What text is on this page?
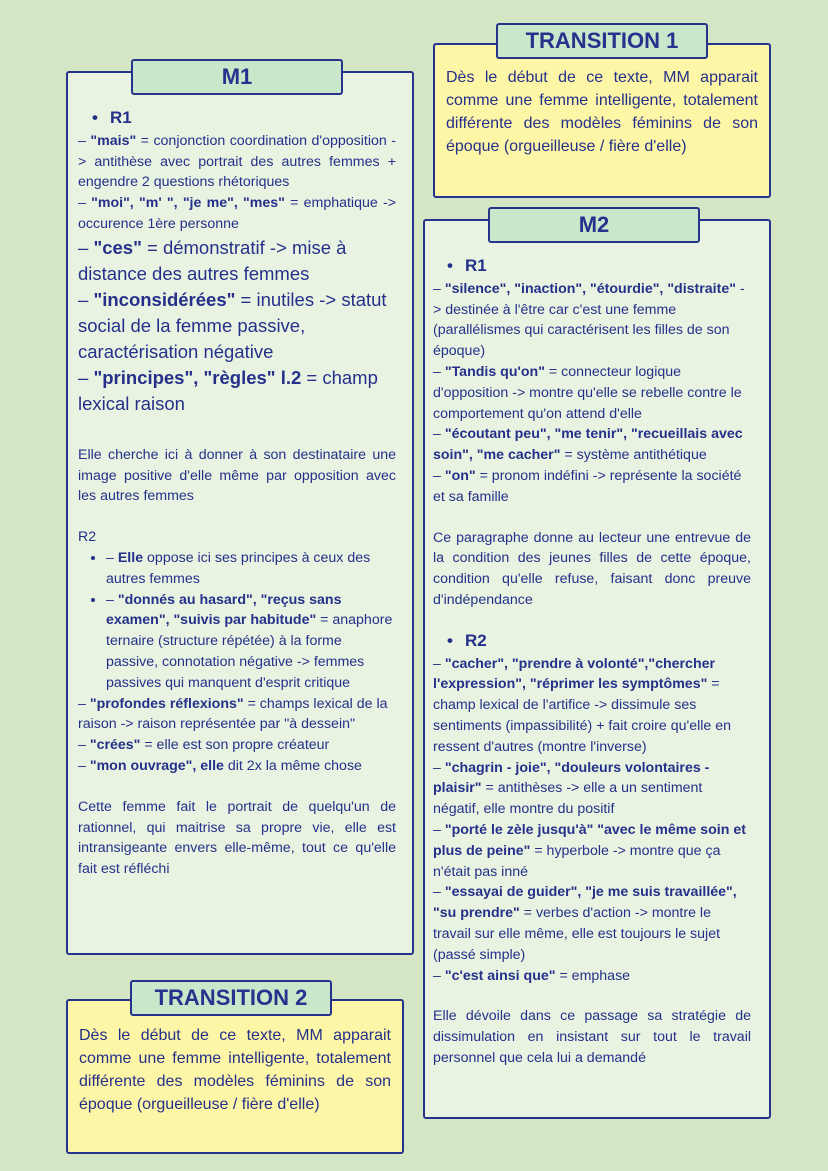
M1
• R1

– "mais" = conjonction coordination d'opposition -> antithèse avec portrait des autres femmes + engendre 2 questions rhétoriques

– "moi", "m' ", "je me", "mes" = emphatique -> occurence 1ère personne

– "ces" = démonstratif -> mise à distance des autres femmes

– "inconsidérées" = inutiles -> statut social de la femme passive, caractérisation négative

– "principes", "règles" l.2 = champ lexical raison

Elle cherche ici à donner à son destinataire une image positive d'elle même par opposition avec les autres femmes

R2

• – Elle oppose ici ses principes à ceux des autres femmes
• – "donnés au hasard", "reçus sans examen", "suivis par habitude" = anaphore ternaire (structure répétée) à la forme passive, connotation négative -> femmes passives qui manquent d'esprit critique

– "profondes réflexions" = champs lexical de la raison -> raison représentée par "à dessein"

– "crées" = elle est son propre créateur

– "mon ouvrage", elle dit 2x la même chose

Cette femme fait le portrait de quelqu'un de rationnel, qui maitrise sa propre vie, elle est intransigeante envers elle-même, tout ce qu'elle fait est réfléchi

TRANSITION 1
Dès le début de ce texte, MM apparait comme une femme intelligente, totalement différente des modèles féminins de son époque (orgueilleuse / fière d'elle)
M2
• R1

– "silence", "inaction", "étourdie", "distraite" -> destinée à l'être car c'est une femme (parallélismes qui caractérisent les filles de son époque)

– "Tandis qu'on" = connecteur logique d'opposition -> montre qu'elle se rebelle contre le comportement qu'on attend d'elle

– "écoutant peu", "me tenir", "recueillais avec soin", "me cacher" = système antithétique

– "on" = pronom indéfini -> représente la société et sa famille

Ce paragraphe donne au lecteur une entrevue de la condition des jeunes filles de cette époque, condition qu'elle refuse, faisant donc preuve d'indépendance

• R2

– "cacher", "prendre à volonté","chercher l'expression", "réprimer les symptômes" = champ lexical de l'artifice -> dissimule ses sentiments (impassibilité) + fait croire qu'elle en ressent d'autres (montre l'inverse)

– "chagrin - joie", "douleurs volontaires - plaisir" = antithèses -> elle a un sentiment négatif, elle montre du positif

– "porté le zèle jusqu'à" "avec le même soin et plus de peine" = hyperbole -> montre que ça n'était pas inné

– "essayai de guider", "je me suis travaillée", "su prendre" = verbes d'action -> montre le travail sur elle même, elle est toujours le sujet (passé simple)

– "c'est ainsi que" = emphase

Elle dévoile dans ce passage sa stratégie de dissimulation en insistant sur tout le travail personnel que cela lui a demandé

TRANSITION 2
Dès le début de ce texte, MM apparait comme une femme intelligente, totalement différente des modèles féminins de son époque (orgueilleuse / fière d'elle)
